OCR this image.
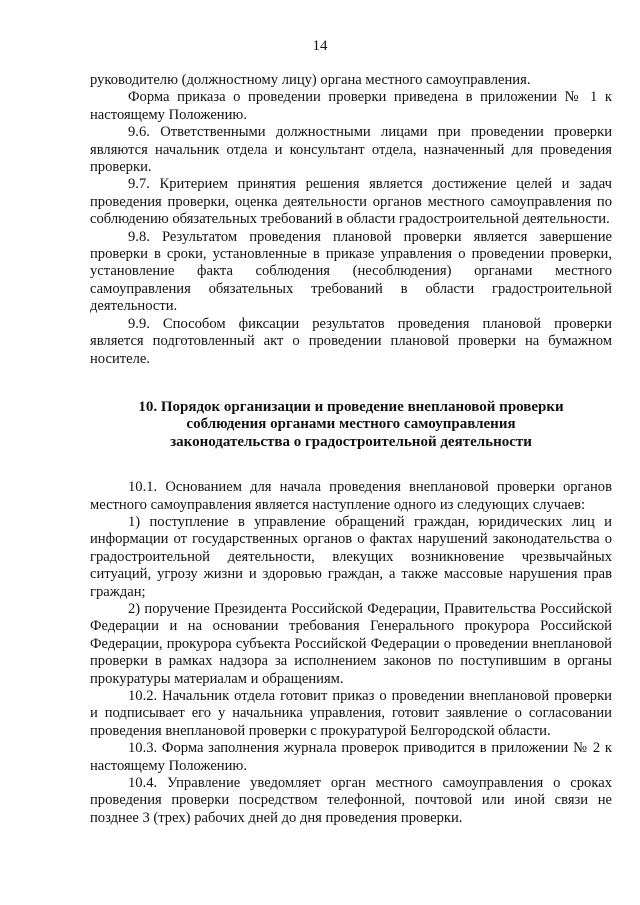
14

руководителю (должностному лицу) органа местного самоуправления.

Форма приказа о проведении проверки приведена в приложении № 1 к настоящему Положению.

9.6. Ответственными должностными лицами при проведении проверки являются начальник отдела и консультант отдела, назначенный для проведения проверки.

9.7. Критерием принятия решения является достижение целей и задач проведения проверки, оценка деятельности органов местного самоуправления по соблюдению обязательных требований в области градостроительной деятельности.

9.8. Результатом проведения плановой проверки является завершение проверки в сроки, установленные в приказе управления о проведении проверки, установление факта соблюдения (несоблюдения) органами местного самоуправления обязательных требований в области градостроительной деятельности.

9.9. Способом фиксации результатов проведения плановой проверки является подготовленный акт о проведении плановой проверки на бумажном носителе.

10. Порядок организации и проведение внеплановой проверки
соблюдения органами местного самоуправления
законодательства о градостроительной деятельности

10.1. Основанием для начала проведения внеплановой проверки органов местного самоуправления является наступление одного из следующих случаев:

1) поступление в управление обращений граждан, юридических лиц и информации от государственных органов о фактах нарушений законодательства о градостроительной деятельности, влекущих возникновение чрезвычайных ситуаций, угрозу жизни и здоровью граждан, а также массовые нарушения прав граждан;

2) поручение Президента Российской Федерации, Правительства Российской Федерации и на основании требования Генерального прокурора Российской Федерации, прокурора субъекта Российской Федерации о проведении внеплановой проверки в рамках надзора за исполнением законов по поступившим в органы прокуратуры материалам и обращениям.

10.2. Начальник отдела готовит приказ о проведении внеплановой проверки и подписывает его у начальника управления, готовит заявление о согласовании проведения внеплановой проверки с прокуратурой Белгородской области.

10.3. Форма заполнения журнала проверок приводится в приложении № 2 к настоящему Положению.

10.4. Управление уведомляет орган местного самоуправления о сроках проведения проверки посредством телефонной, почтовой или иной связи не позднее 3 (трех) рабочих дней до дня проведения проверки.
